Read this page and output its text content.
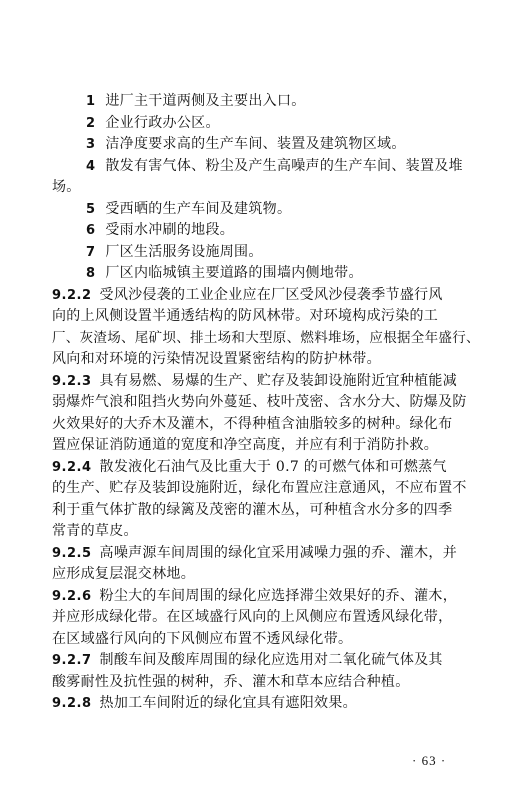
1 进厂主干道两侧及主要出入口。
2 企业行政办公区。
3 洁净度要求高的生产车间、装置及建筑物区域。
4 散发有害气体、粉尘及产生高噪声的生产车间、装置及堆
场。
5 受西晒的生产车间及建筑物。
6 受雨水冲刷的地段。
7 厂区生活服务设施周围。
8 厂区内临城镇主要道路的围墙内侧地带。
9.2.2 受风沙侵袭的工业企业应在厂区受风沙侵袭季节盛行风
向的上风侧设置半通透结构的防风林带。对环境构成污染的工
厂、灰渣场、尾矿坝、排土场和大型原、燃料堆场，应根据全年盛行、
风向和对环境的污染情况设置紧密结构的防护林带。
9.2.3 具有易燃、易爆的生产、贮存及装卸设施附近宜种植能减
弱爆炸气浪和阻挡火势向外蔓延、枝叶茂密、含水分大、防爆及防
火效果好的大乔木及灌木，不得种植含油脂较多的树种。绿化布
置应保证消防通道的宽度和净空高度，并应有利于消防扑救。
9.2.4 散发液化石油气及比重大于 0.7 的可燃气体和可燃蒸气
的生产、贮存及装卸设施附近，绿化布置应注意通风，不应布置不
利于重气体扩散的绿篱及茂密的灌木丛，可种植含水分多的四季
常青的草皮。
9.2.5 高噪声源车间周围的绿化宜采用减噪力强的乔、灌木，并
应形成复层混交林地。
9.2.6 粉尘大的车间周围的绿化应选择滞尘效果好的乔、灌木，
并应形成绿化带。在区域盛行风向的上风侧应布置透风绿化带，
在区域盛行风向的下风侧应布置不透风绿化带。
9.2.7 制酸车间及酸库周围的绿化应选用对二氧化硫气体及其
酸雾耐性及抗性强的树种，乔、灌木和草本应结合种植。
9.2.8 热加工车间附近的绿化宜具有遮阳效果。
· 63 ·
